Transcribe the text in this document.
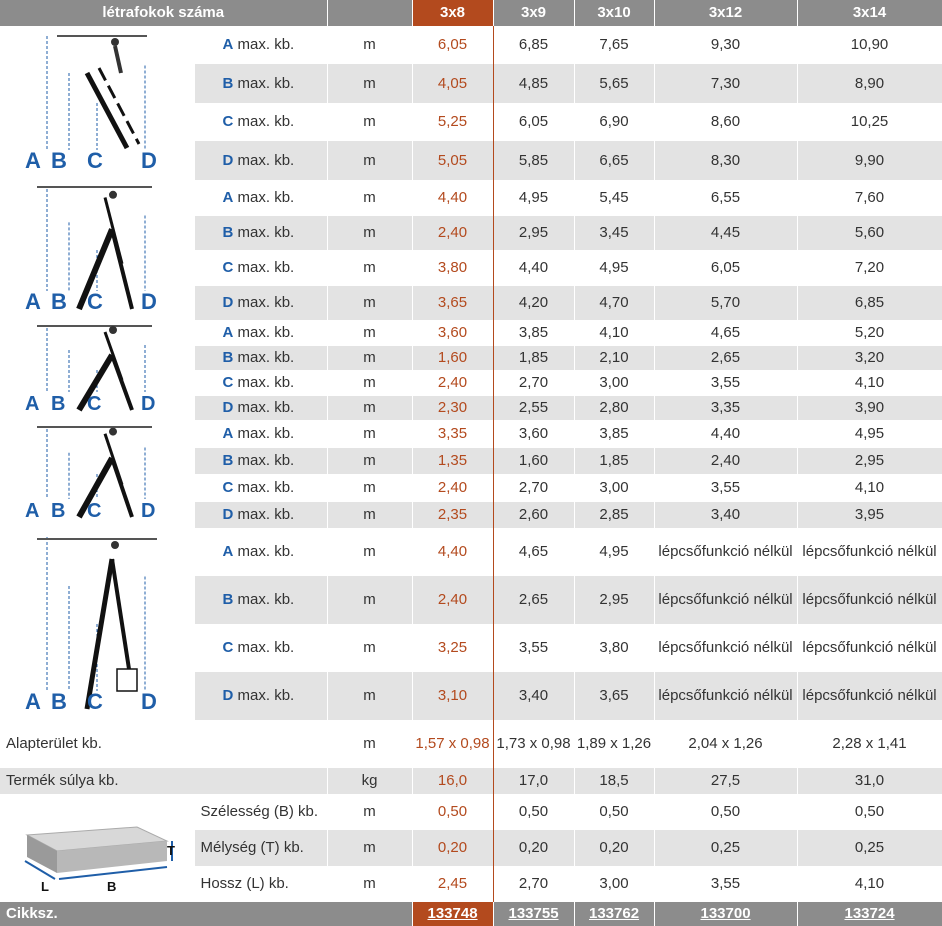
létrafokok száma			3x8	3x9	3x10	3x12	3x14

A B C D	A max. kb.	m	6,05	6,85	7,65	9,30	10,90
	B max. kb.	m	4,05	4,85	5,65	7,30	8,90
	C max. kb.	m	5,25	6,05	6,90	8,60	10,25
	D max. kb.	m	5,05	5,85	6,65	8,30	9,90

A B C D	A max. kb.	m	4,40	4,95	5,45	6,55	7,60
	B max. kb.	m	2,40	2,95	3,45	4,45	5,60
	C max. kb.	m	3,80	4,40	4,95	6,05	7,20
	D max. kb.	m	3,65	4,20	4,70	5,70	6,85

A B C D	A max. kb.	m	3,60	3,85	4,10	4,65	5,20
	B max. kb.	m	1,60	1,85	2,10	2,65	3,20
	C max. kb.	m	2,40	2,70	3,00	3,55	4,10
	D max. kb.	m	2,30	2,55	2,80	3,35	3,90

A B C D	A max. kb.	m	3,35	3,60	3,85	4,40	4,95
	B max. kb.	m	1,35	1,60	1,85	2,40	2,95
	C max. kb.	m	2,40	2,70	3,00	3,55	4,10
	D max. kb.	m	2,35	2,60	2,85	3,40	3,95

A B C D	A max. kb.	m	4,40	4,65	4,95	lépcsőfunkció nélkül	lépcsőfunkció nélkül
	B max. kb.	m	2,40	2,65	2,95	lépcsőfunkció nélkül	lépcsőfunkció nélkül
	C max. kb.	m	3,25	3,55	3,80	lépcsőfunkció nélkül	lépcsőfunkció nélkül
	D max. kb.	m	3,10	3,40	3,65	lépcsőfunkció nélkül	lépcsőfunkció nélkül
Alapterület kb.		m	1,57 x 0,98	1,73 x 0,98	1,89 x 1,26	2,04 x 1,26	2,28 x 1,41
Termék súlya kb.		kg	16,0	17,0	18,5	27,5	31,0

T
L B	Szélesség (B) kb.	m	0,50	0,50	0,50	0,50	0,50
	Mélység (T) kb.	m	0,20	0,20	0,20	0,25	0,25
	Hossz (L) kb.	m	2,45	2,70	3,00	3,55	4,10
Cikksz.			133748	133755	133762	133700	133724
